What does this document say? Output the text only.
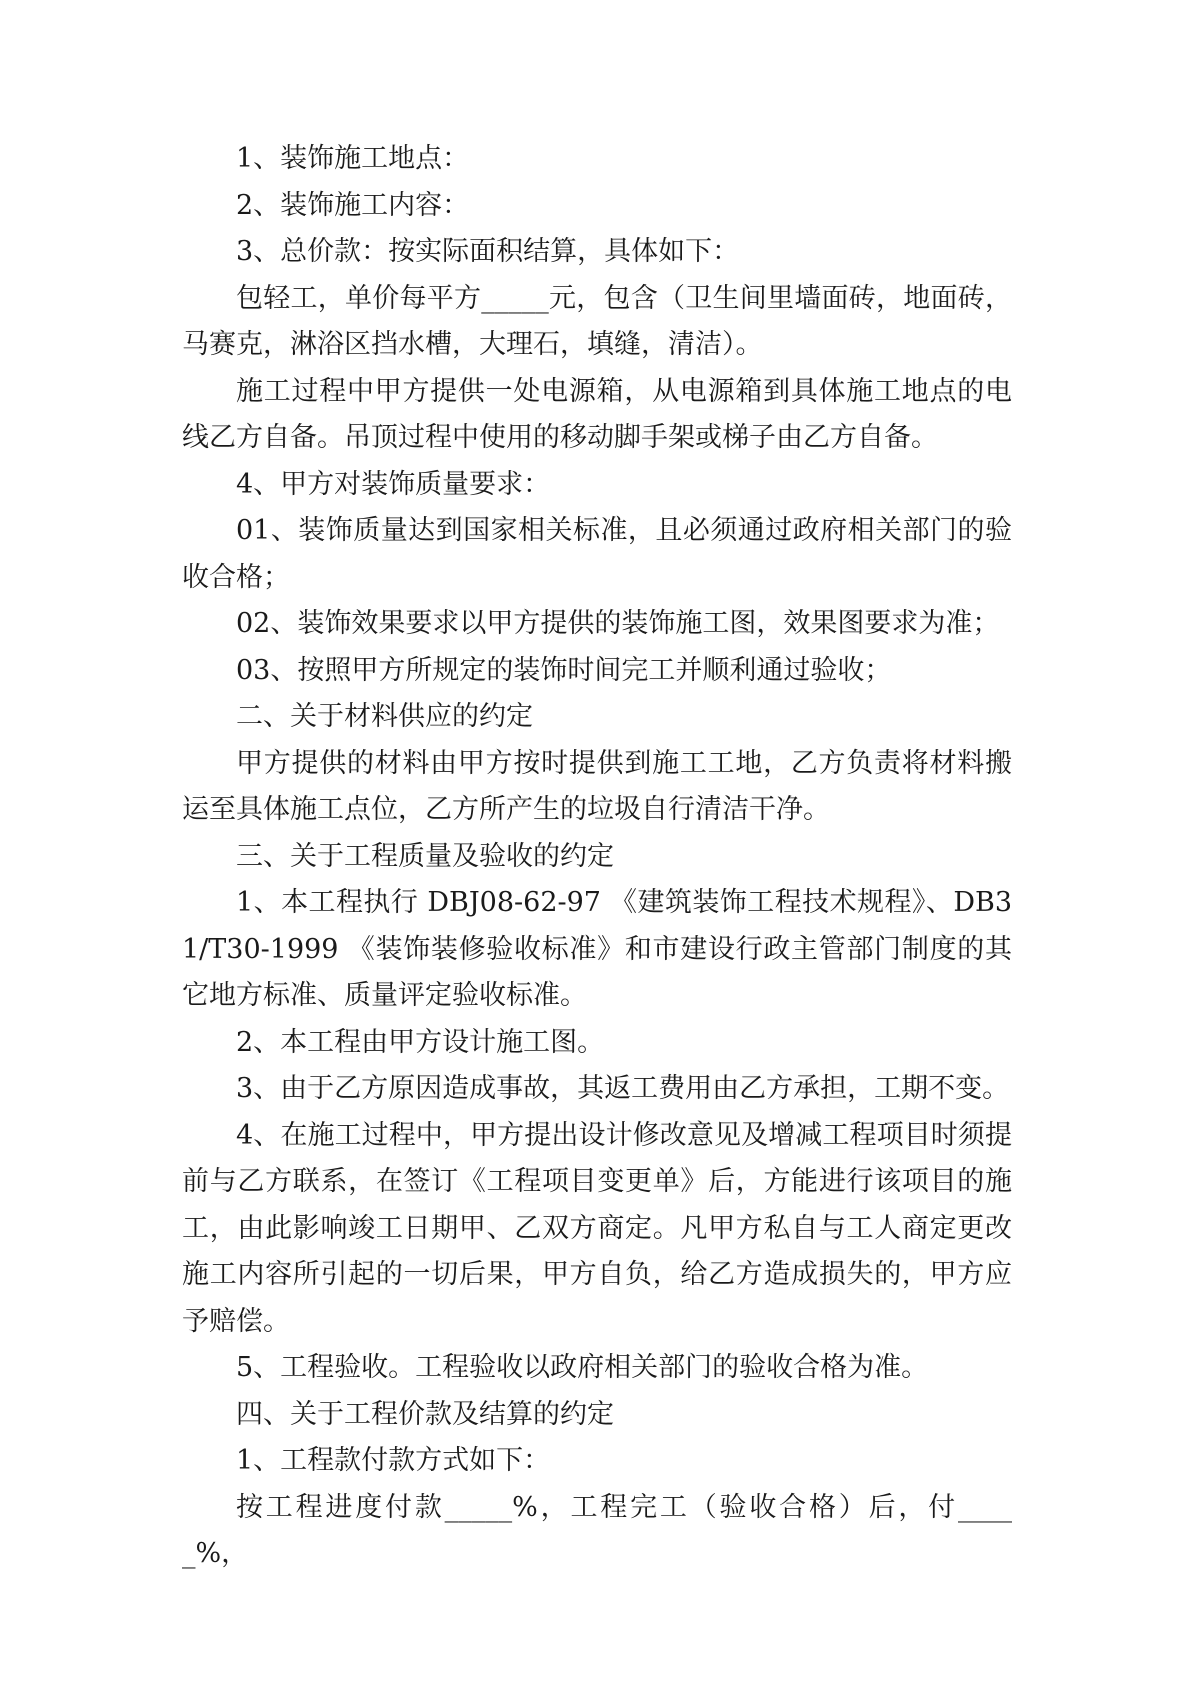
1、装饰施工地点：

2、装饰施工内容：

3、总价款：按实际面积结算，具体如下：

包轻工，单价每平方_____元，包含（卫生间里墙面砖，地面砖，马赛克，淋浴区挡水槽，大理石，填缝，清洁）。

施工过程中甲方提供一处电源箱，从电源箱到具体施工地点的电线乙方自备。吊顶过程中使用的移动脚手架或梯子由乙方自备。

4、甲方对装饰质量要求：

01、装饰质量达到国家相关标准，且必须通过政府相关部门的验收合格；

02、装饰效果要求以甲方提供的装饰施工图，效果图要求为准；

03、按照甲方所规定的装饰时间完工并顺利通过验收；

二、关于材料供应的约定

甲方提供的材料由甲方按时提供到施工工地，乙方负责将材料搬运至具体施工点位，乙方所产生的垃圾自行清洁干净。

三、关于工程质量及验收的约定

1、本工程执行 DBJ08-62-97 《建筑装饰工程技术规程》、DB31/T30-1999 《装饰装修验收标准》和市建设行政主管部门制度的其它地方标准、质量评定验收标准。

2、本工程由甲方设计施工图。

3、由于乙方原因造成事故，其返工费用由乙方承担，工期不变。

4、在施工过程中，甲方提出设计修改意见及增减工程项目时须提前与乙方联系，在签订《工程项目变更单》后，方能进行该项目的施工，由此影响竣工日期甲、乙双方商定。凡甲方私自与工人商定更改施工内容所引起的一切后果，甲方自负，给乙方造成损失的，甲方应予赔偿。

5、工程验收。工程验收以政府相关部门的验收合格为准。

四、关于工程价款及结算的约定

1、工程款付款方式如下：

按工程进度付款_____%，工程完工（验收合格）后，付_____%，
